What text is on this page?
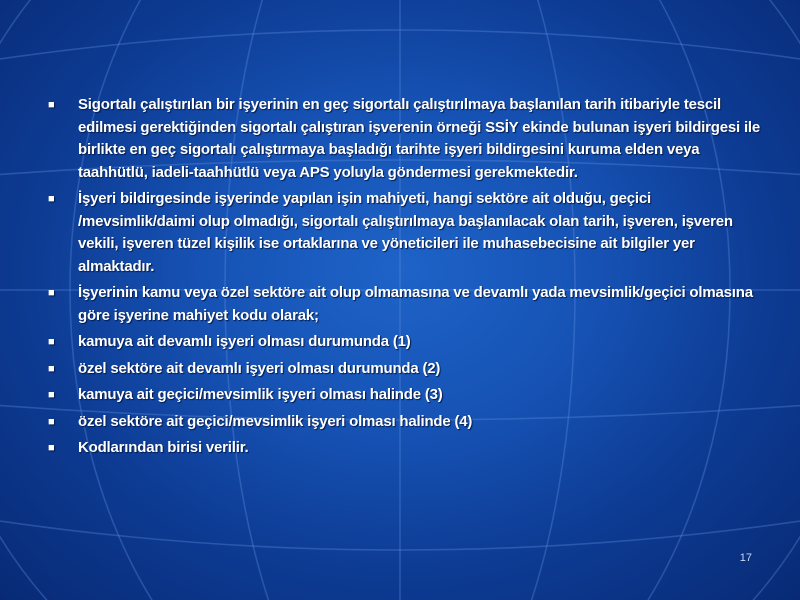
■ Sigortalı çalıştırılan bir işyerinin en geç sigortalı çalıştırılmaya başlanılan tarih itibariyle tescil edilmesi gerektiğinden sigortalı çalıştıran işverenin örneği SSİY ekinde bulunan işyeri bildirgesi ile birlikte en geç sigortalı çalıştırmaya başladığı tarihte işyeri bildirgesini kuruma elden veya taahhütlü, iadeli-taahhütlü veya APS yoluyla göndermesi gerekmektedir.
■ İşyeri bildirgesinde işyerinde yapılan işin mahiyeti, hangi sektöre ait olduğu, geçici /mevsimlik/daimi olup olmadığı, sigortalı çalıştırılmaya başlanılacak olan tarih, işveren, işveren vekili, işveren tüzel kişilik ise ortaklarına ve yöneticileri ile muhasebecisine ait bilgiler yer almaktadır.
■ İşyerinin kamu veya özel sektöre ait olup olmamasına ve devamlı yada mevsimlik/geçici olmasına göre işyerine mahiyet kodu olarak;
■ kamuya ait devamlı işyeri olması durumunda (1)
■ özel sektöre ait devamlı işyeri olması durumunda (2)
■ kamuya ait geçici/mevsimlik işyeri olması halinde (3)
■ özel sektöre ait geçici/mevsimlik işyeri olması halinde (4)
■ Kodlarından birisi verilir.
17
